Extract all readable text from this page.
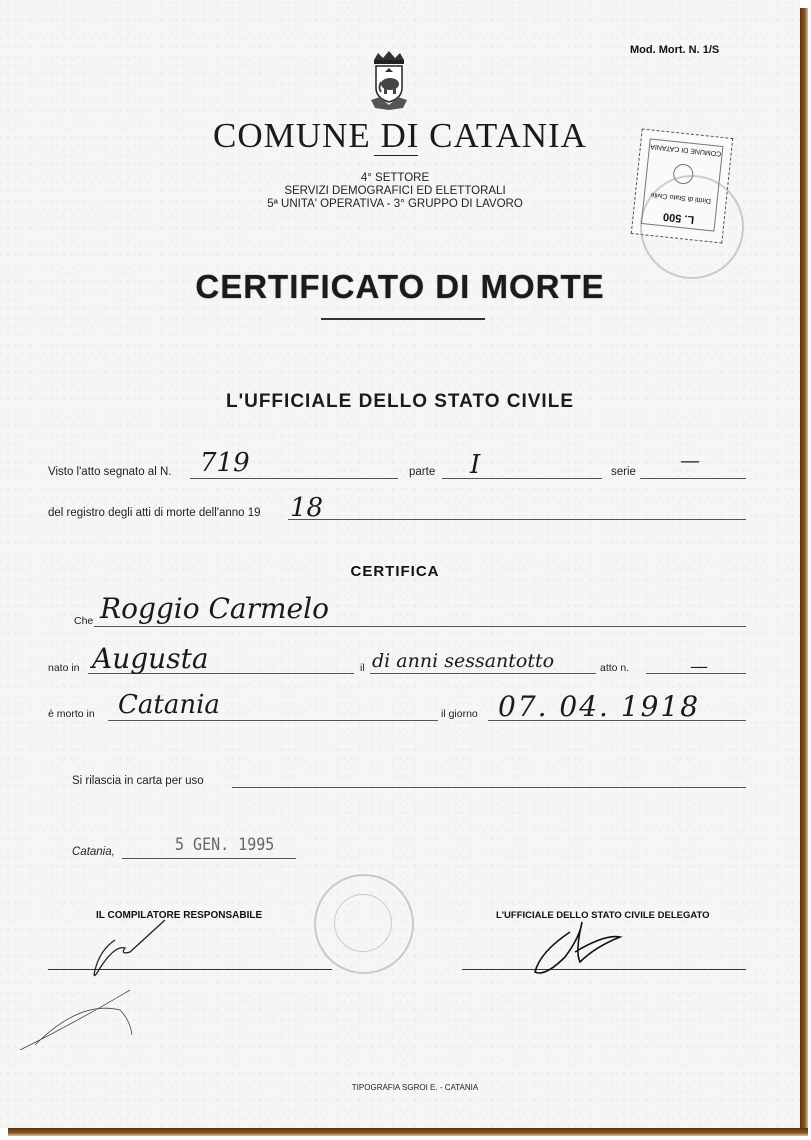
Mod. Mort. N. 1/S
COMUNE DI CATANIA
4° SETTORE
SERVIZI DEMOGRAFICI ED ELETTORALI
5ª UNITA' OPERATIVA - 3° GRUPPO DI LAVORO
L. 500
Diritti di Stato Civile
COMUNE DI CATANIA
CERTIFICATO DI MORTE
L'UFFICIALE DELLO STATO CIVILE
Visto l'atto segnato al N. 719	parte I	serie —
del registro degli atti di morte dell'anno 19 18
CERTIFICA
Che Roggio Carmelo
nato in Augusta	il di anni sessantotto	atto n.	—
è morto in Catania	il giorno 07. 04. 1918
Si rilascia in carta per uso
Catania,	5 GEN. 1995
IL COMPILATORE RESPONSABILE	L'UFFICIALE DELLO STATO CIVILE DELEGATO
TIPOGRAFIA SGROI E. - CATANIA
